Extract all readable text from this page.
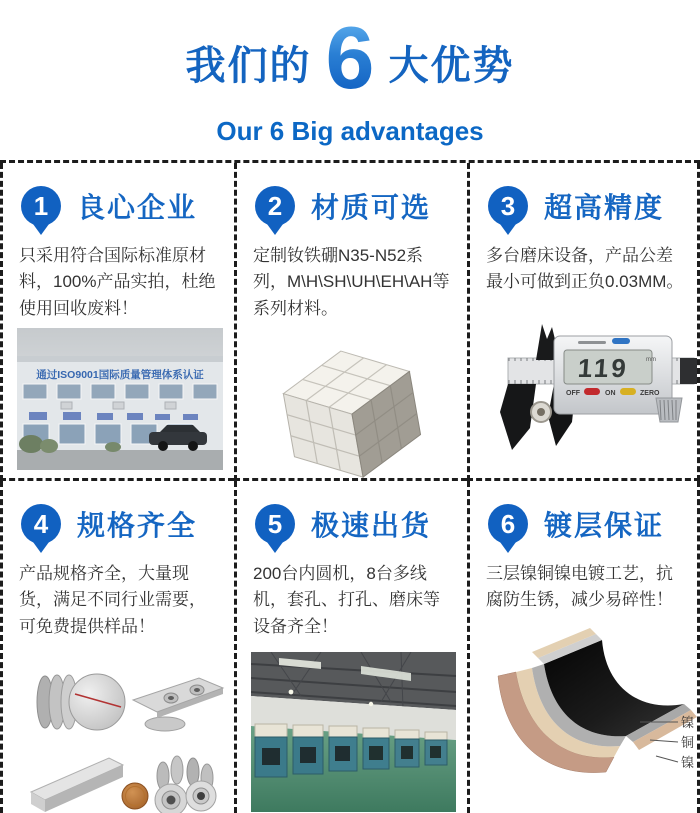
我们的 6 大优势
Our 6 Big advantages
1	良心企业

只采用符合国际标准原材料，100%产品实拍，杜绝使用回收废料！

通过ISO9001国际质量管理体系认证
2	材质可选

定制钕铁硼N35-N52系列，M\H\SH\UH\EH\AH等系列材料。

3	超高精度

多台磨床设备，产品公差最小可做到正负0.03MM。

119	mm
OFF	ON	ZERO
4	规格齐全

产品规格齐全，大量现货，满足不同行业需要，可免费提供样品！

5	极速出货

200台内圆机，8台多线机，套孔、打孔、磨床等设备齐全！

6	镀层保证

三层镍铜镍电镀工艺，抗腐防生锈，减少易碎性！

镍
铜
镍
